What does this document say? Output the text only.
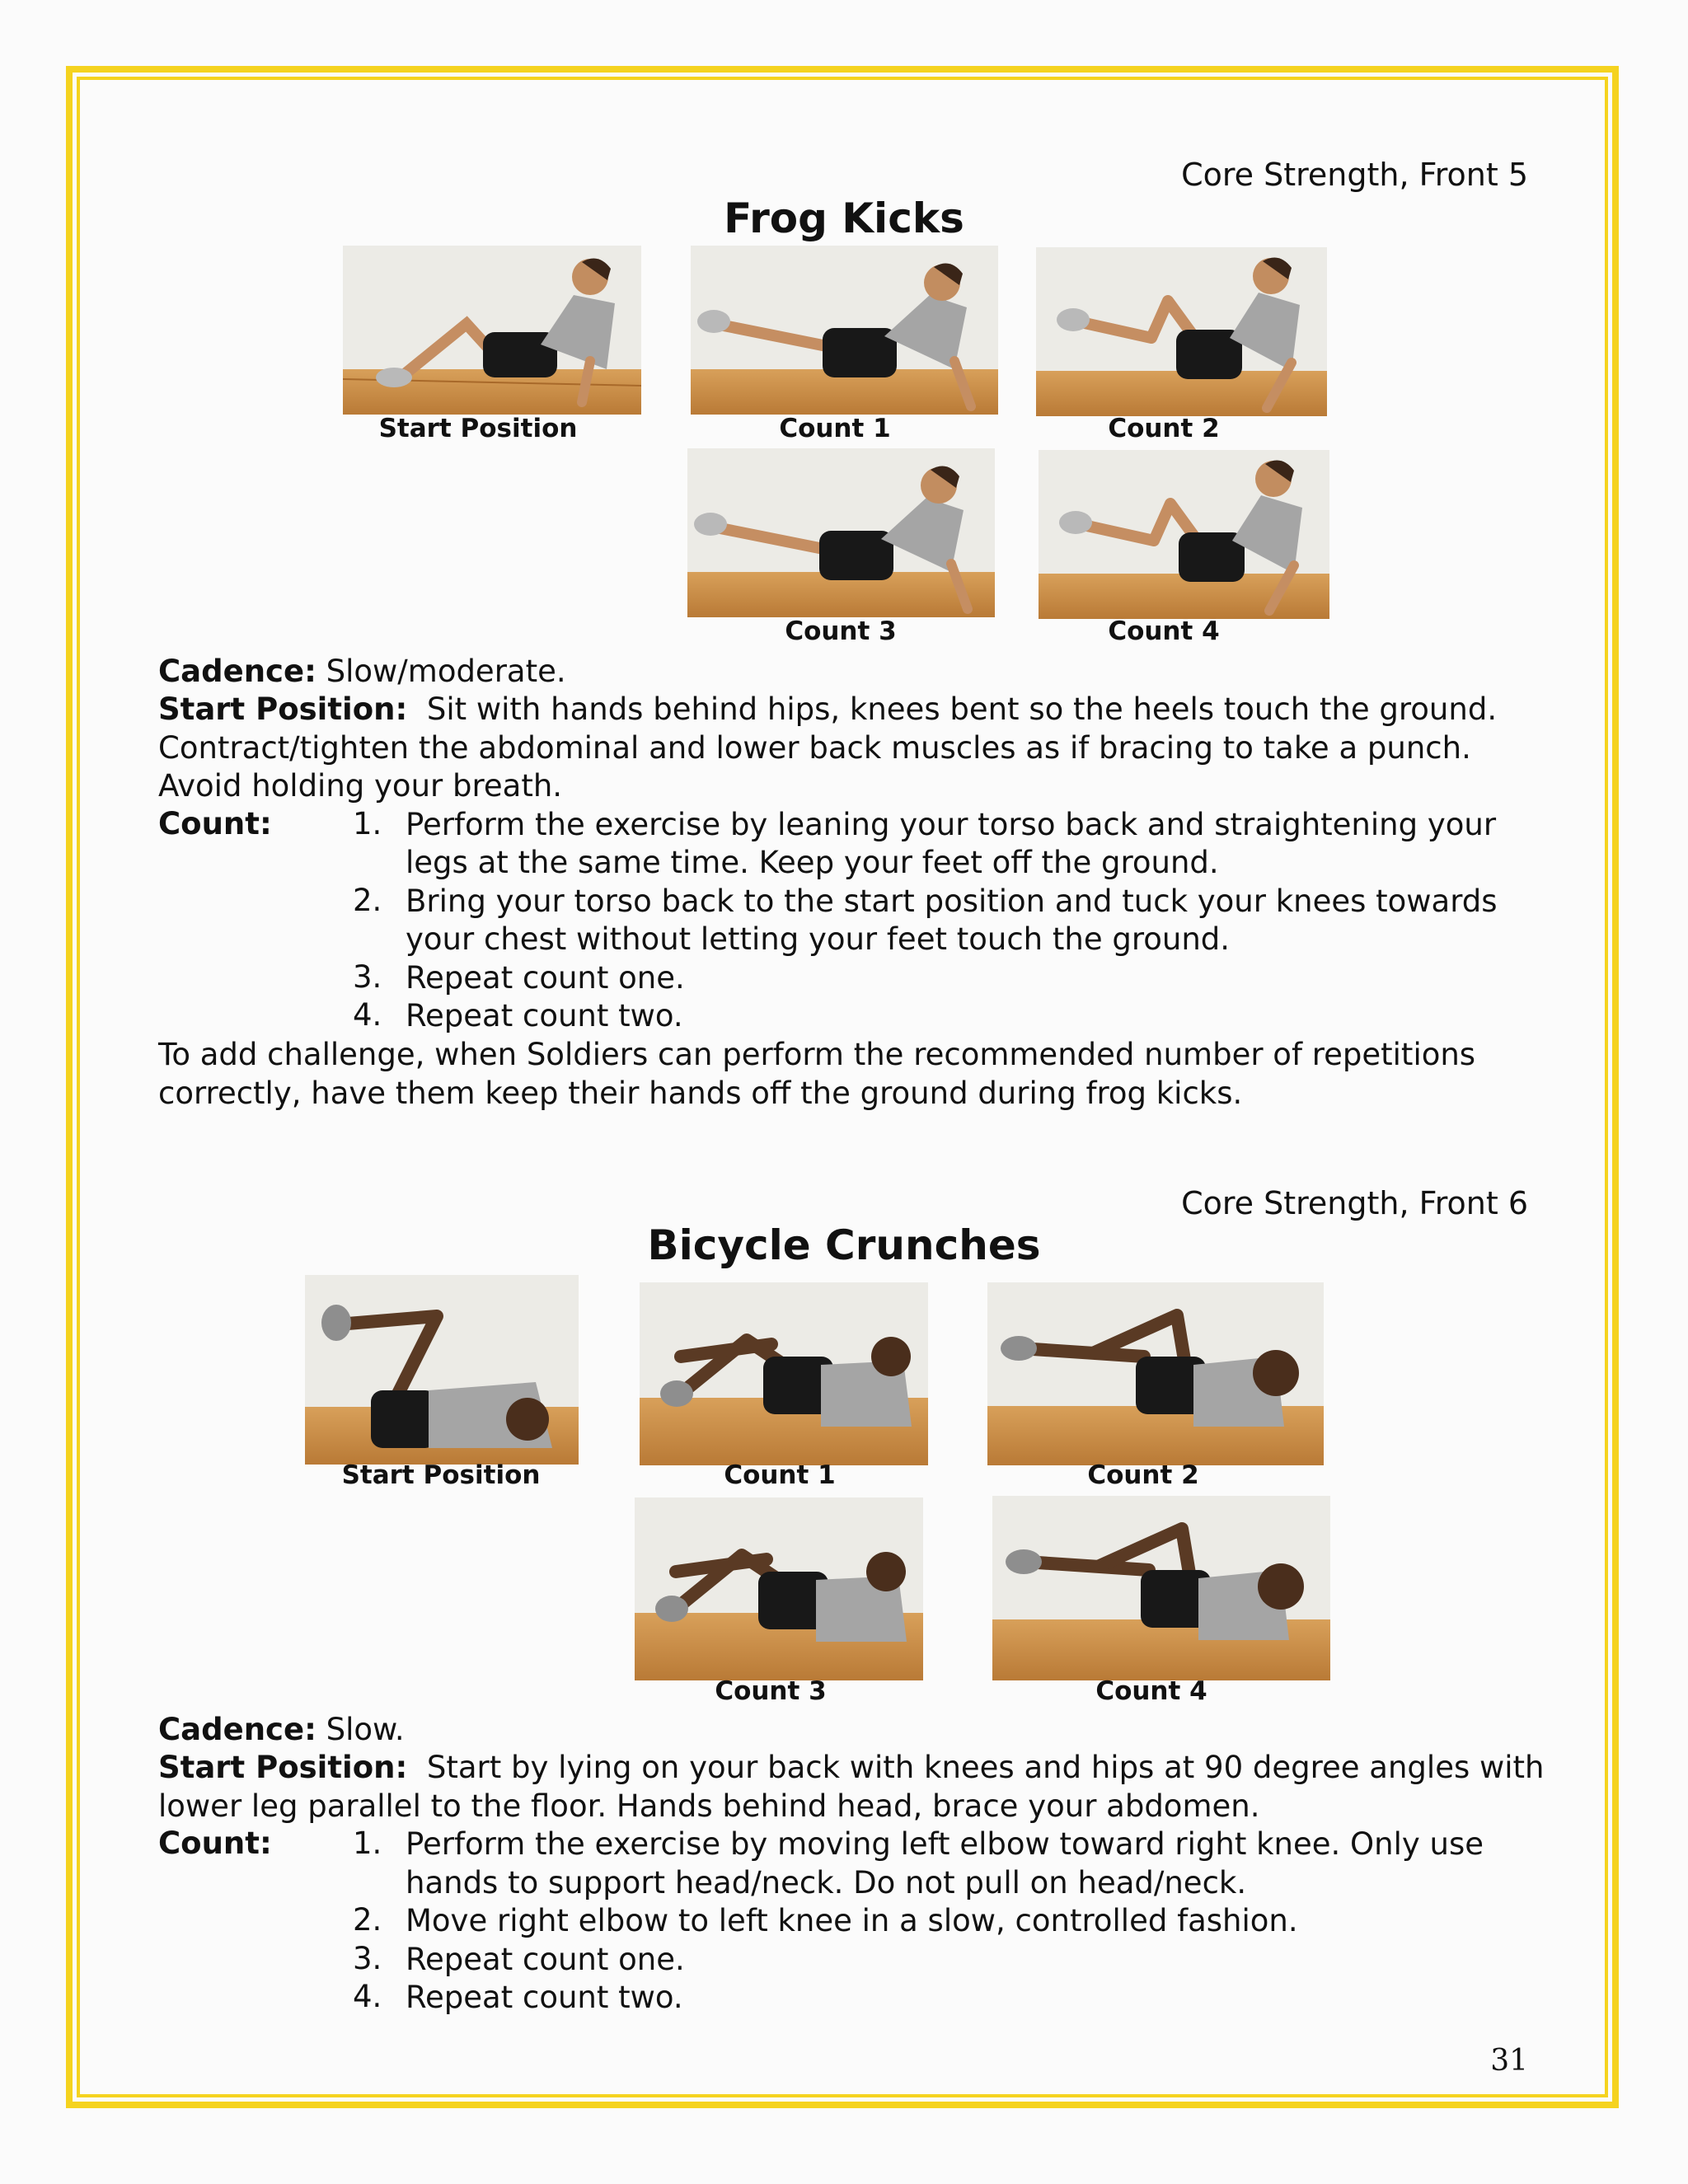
Core Strength, Front 5
Frog Kicks
Start Position	Count 1	Count 2
Count 3	Count 4
Cadence: Slow/moderate.
Start Position: Sit with hands behind hips, knees bent so the heels touch the ground.
Contract/tighten the abdominal and lower back muscles as if bracing to take a punch.
Avoid holding your breath.
Count:	1. Perform the exercise by leaning your torso back and straightening your
legs at the same time. Keep your feet off the ground.
2. Bring your torso back to the start position and tuck your knees towards
your chest without letting your feet touch the ground.
3. Repeat count one.
4. Repeat count two.
To add challenge, when Soldiers can perform the recommended number of repetitions
correctly, have them keep their hands off the ground during frog kicks.
Core Strength, Front 6
Bicycle Crunches
Start Position	Count 1	Count 2
Count 3	Count 4
Cadence: Slow.
Start Position: Start by lying on your back with knees and hips at 90 degree angles with
lower leg parallel to the floor. Hands behind head, brace your abdomen.
Count:	1. Perform the exercise by moving left elbow toward right knee. Only use
hands to support head/neck. Do not pull on head/neck.
2. Move right elbow to left knee in a slow, controlled fashion.
3. Repeat count one.
4. Repeat count two.
31
